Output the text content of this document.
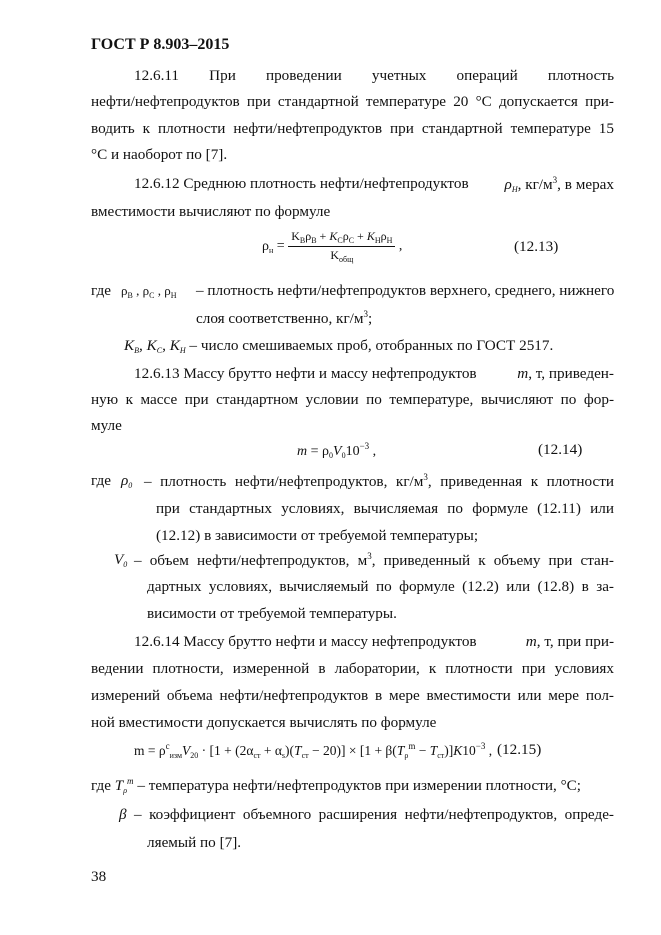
ГОСТ Р 8.903–2015
12.6.11 При проведении учетных операций плотность
нефти/нефтепродуктов при стандартной температуре 20 °С допускается при-
водить к плотности нефти/нефтепродуктов при стандартной температуре 15
°С и наоборот по [7].
12.6.12 Среднюю плотность нефти/нефтепродуктов $\rho_Н$, $кг/м^3$, в мерах
вместимости вычисляют по формуле
$\rho_н = \frac{K_В\rho_В + K_С\rho_С + K_Н\rho_Н}{K_{общ}}$ ,	(12.13)
где $\rho_В$ , $\rho_С$ , $\rho_Н$ – плотность нефти/нефтепродуктов верхнего, среднего, нижнего
слоя соответственно, $кг/м^3$;
$K_В$, $K_С$, $K_Н$ – число смешиваемых проб, отобранных по ГОСТ 2517.
12.6.13 Массу брутто нефти и массу нефтепродуктов	m, т, приведен-
ную к массе при стандартном условии по температуре, вычисляют по фор-
муле
$m = \rho_0V_010^{-3}$ ,	(12.14)
где $\rho_0$ – плотность нефти/нефтепродуктов, $кг/м^3$, приведенная к плотности
при стандартных условиях, вычисляемая по формуле (12.11) или
(12.12) в зависимости от требуемой температуры;
$V_0$ – объем нефти/нефтепродуктов, $м^3$, приведенный к объему при стан-
дартных условиях, вычисляемый по формуле (12.2) или (12.8) в за-
висимости от требуемой температуры.
12.6.14 Массу брутто нефти и массу нефтепродуктов	m, т, при при-
ведении плотности, измеренной в лаборатории, к плотности при условиях
измерений объема нефти/нефтепродуктов в мере вместимости или мере пол-
ной вместимости допускается вычислять по формуле
$m = \rho^c_{изм}V_{20} \cdot [1 + (2\alpha_{ст} + \alpha_s)(T_{ст} - 20)] \times [1 + \beta(T_\rho^m - T_{ст})]K10^{-3}$ , (12.15)
где $T_\rho^m$ – температура нефти/нефтепродуктов при измерении плотности, °С;
β – коэффициент объемного расширения нефти/нефтепродуктов, опреде-
ляемый по [7].
38
